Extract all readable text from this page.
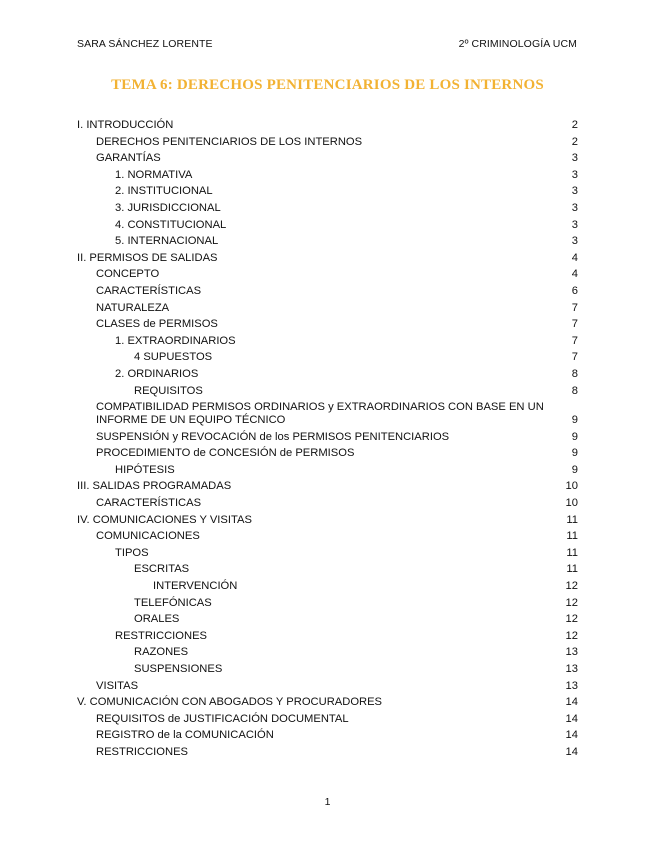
SARA SÁNCHEZ LORENTE	2º CRIMINOLOGÍA UCM
TEMA 6: DERECHOS PENITENCIARIOS DE LOS INTERNOS
I. INTRODUCCIÓN	2
DERECHOS PENITENCIARIOS DE LOS INTERNOS	2
GARANTÍAS	3
1. NORMATIVA	3
2. INSTITUCIONAL	3
3. JURISDICCIONAL	3
4. CONSTITUCIONAL	3
5. INTERNACIONAL	3
II. PERMISOS DE SALIDAS	4
CONCEPTO	4
CARACTERÍSTICAS	6
NATURALEZA	7
CLASES de PERMISOS	7
1. EXTRAORDINARIOS	7
4 SUPUESTOS	7
2. ORDINARIOS	8
REQUISITOS	8
COMPATIBILIDAD PERMISOS ORDINARIOS y EXTRAORDINARIOS CON BASE EN UN INFORME DE UN EQUIPO TÉCNICO	9
SUSPENSIÓN y REVOCACIÓN de los PERMISOS PENITENCIARIOS	9
PROCEDIMIENTO de CONCESIÓN de PERMISOS	9
HIPÓTESIS	9
III. SALIDAS PROGRAMADAS	10
CARACTERÍSTICAS	10
IV. COMUNICACIONES Y VISITAS	11
COMUNICACIONES	11
TIPOS	11
ESCRITAS	11
INTERVENCIÓN	12
TELEFÓNICAS	12
ORALES	12
RESTRICCIONES	12
RAZONES	13
SUSPENSIONES	13
VISITAS	13
V. COMUNICACIÓN CON ABOGADOS Y PROCURADORES	14
REQUISITOS de JUSTIFICACIÓN DOCUMENTAL	14
REGISTRO de la COMUNICACIÓN	14
RESTRICCIONES	14
1
